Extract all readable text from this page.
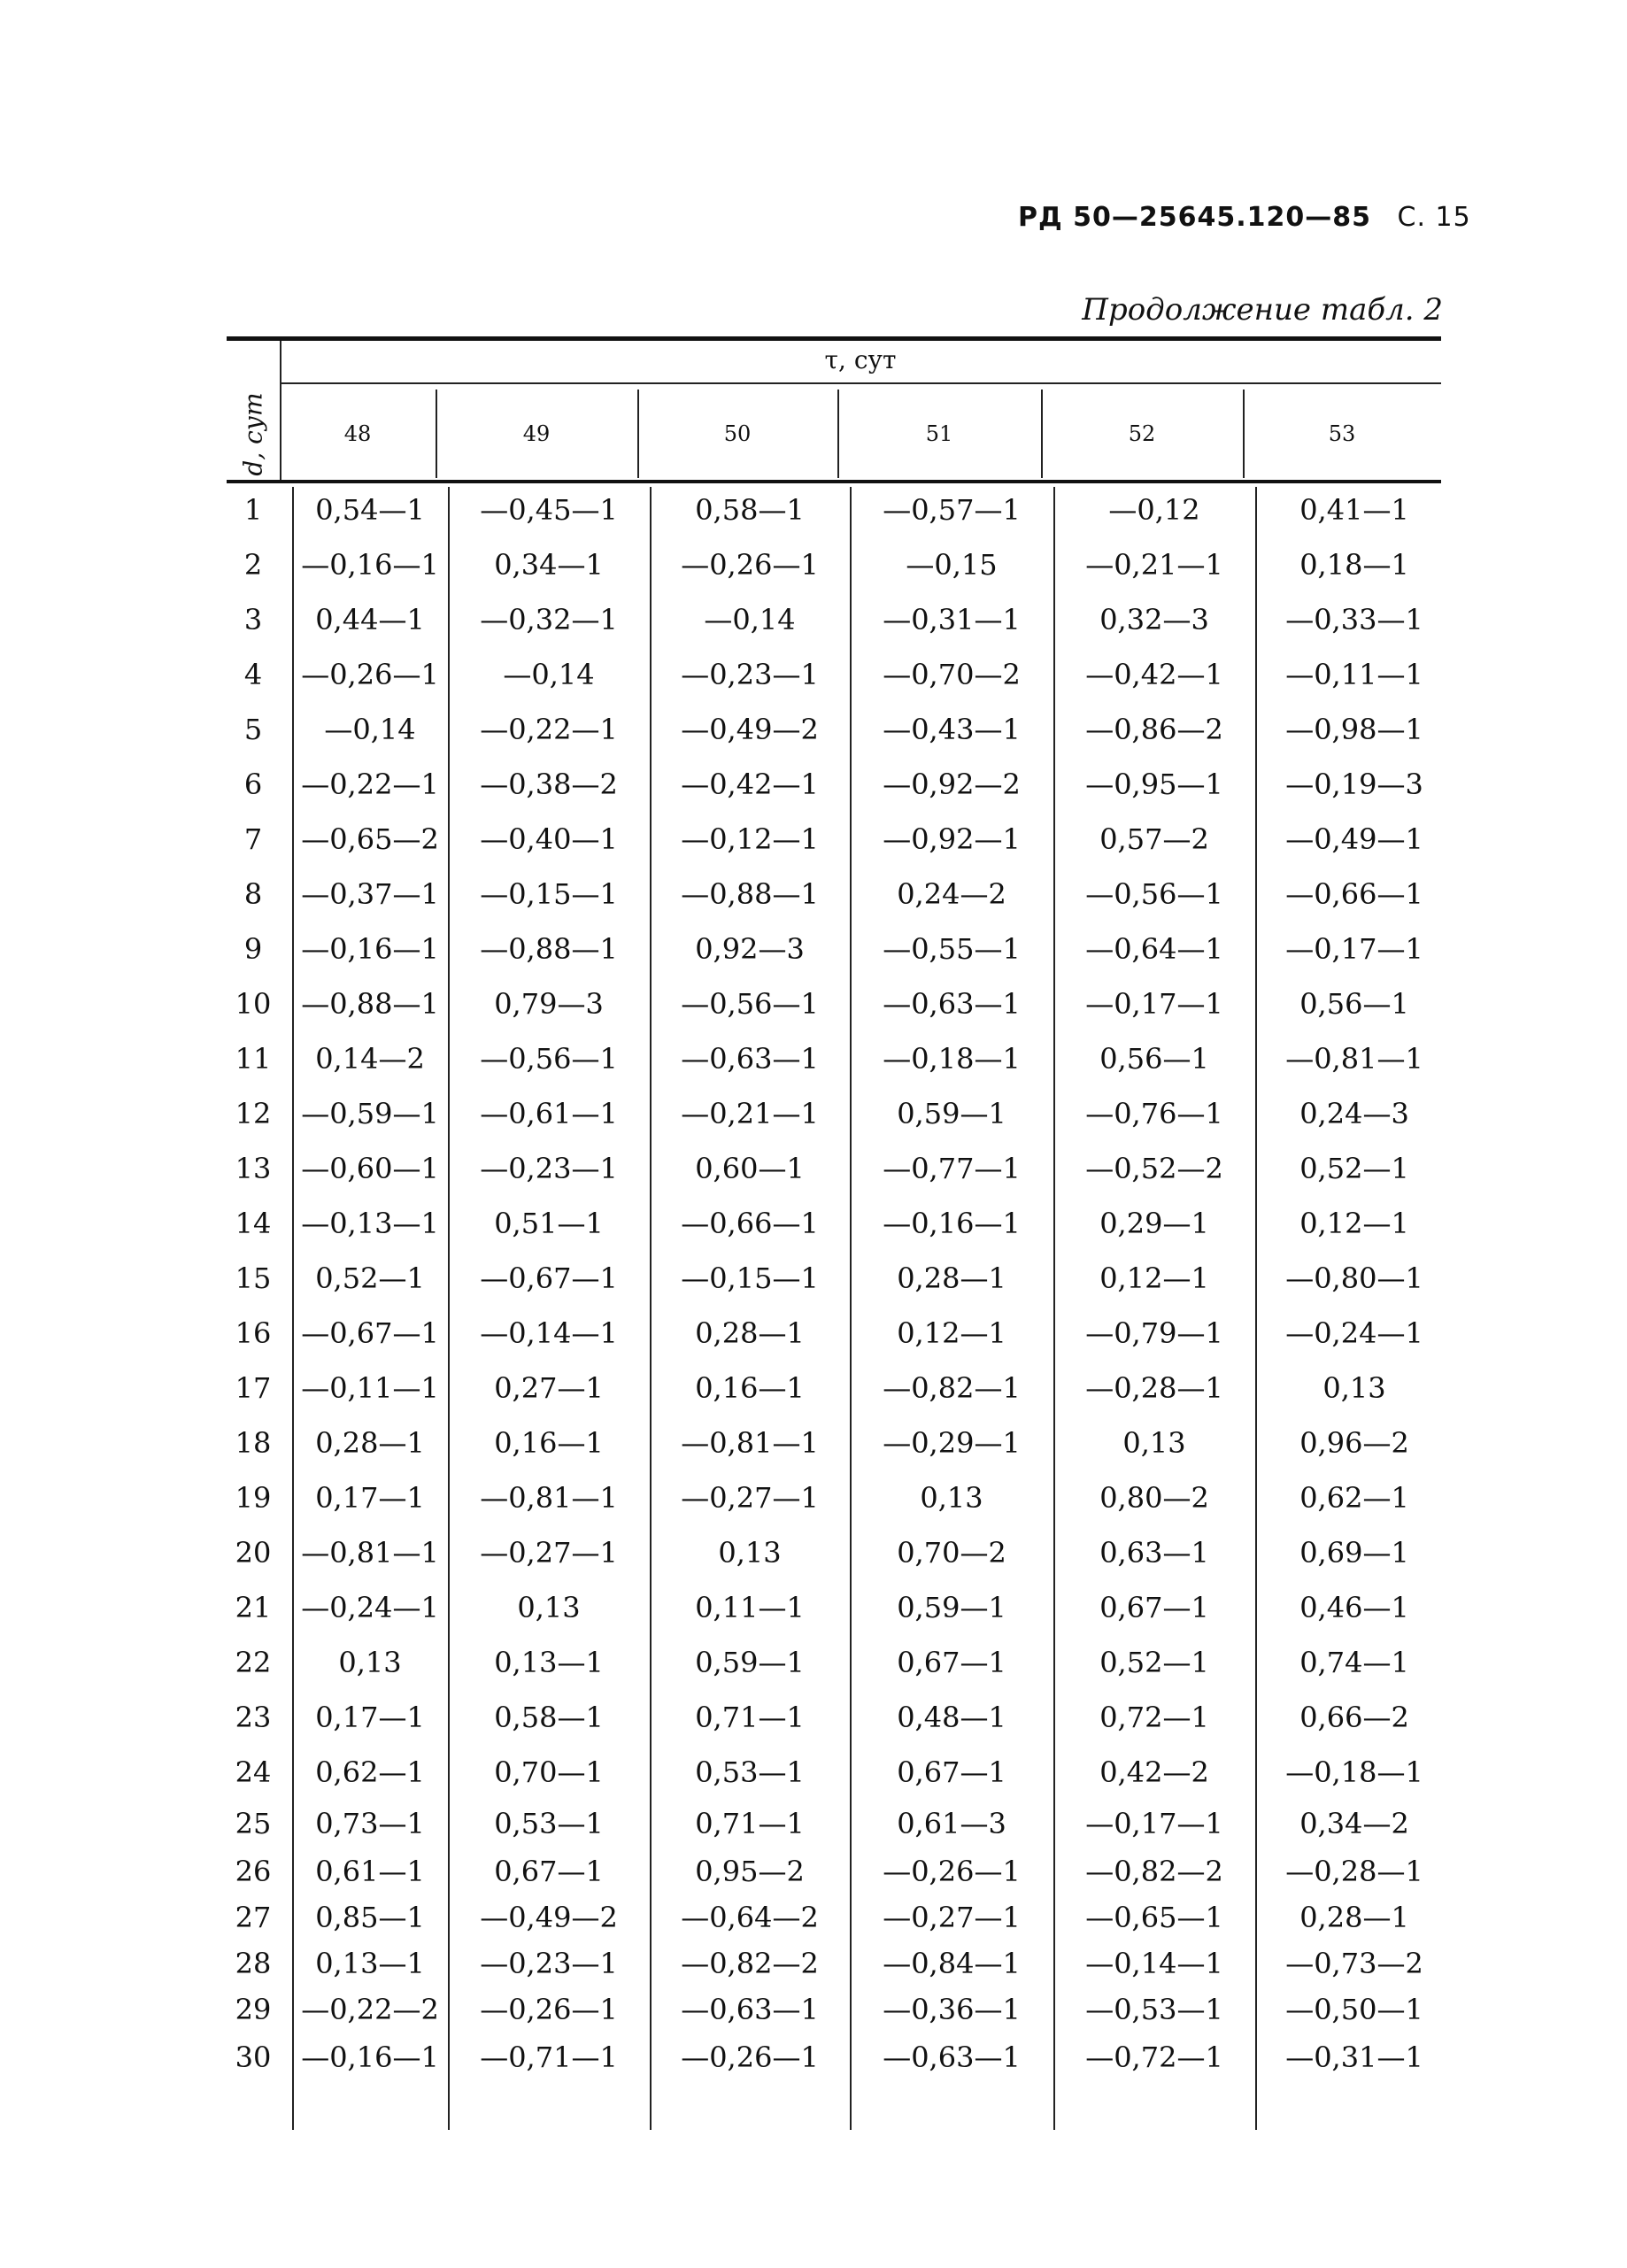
РД 50—25645.120—85 С. 15
Продолжение табл. 2
d, сут
τ, сут
48	49	50	51	52	53
1	0,54—1	—0,45—1	0,58—1	—0,57—1	—0,12	0,41—1
2	—0,16—1	0,34—1	—0,26—1	—0,15	—0,21—1	0,18—1
3	0,44—1	—0,32—1	—0,14	—0,31—1	0,32—3	—0,33—1
4	—0,26—1	—0,14	—0,23—1	—0,70—2	—0,42—1	—0,11—1
5	—0,14	—0,22—1	—0,49—2	—0,43—1	—0,86—2	—0,98—1
6	—0,22—1	—0,38—2	—0,42—1	—0,92—2	—0,95—1	—0,19—3
7	—0,65—2	—0,40—1	—0,12—1	—0,92—1	0,57—2	—0,49—1
8	—0,37—1	—0,15—1	—0,88—1	0,24—2	—0,56—1	—0,66—1
9	—0,16—1	—0,88—1	0,92—3	—0,55—1	—0,64—1	—0,17—1
10	—0,88—1	0,79—3	—0,56—1	—0,63—1	—0,17—1	0,56—1
11	0,14—2	—0,56—1	—0,63—1	—0,18—1	0,56—1	—0,81—1
12	—0,59—1	—0,61—1	—0,21—1	0,59—1	—0,76—1	0,24—3
13	—0,60—1	—0,23—1	0,60—1	—0,77—1	—0,52—2	0,52—1
14	—0,13—1	0,51—1	—0,66—1	—0,16—1	0,29—1	0,12—1
15	0,52—1	—0,67—1	—0,15—1	0,28—1	0,12—1	—0,80—1
16	—0,67—1	—0,14—1	0,28—1	0,12—1	—0,79—1	—0,24—1
17	—0,11—1	0,27—1	0,16—1	—0,82—1	—0,28—1	0,13
18	0,28—1	0,16—1	—0,81—1	—0,29—1	0,13	0,96—2
19	0,17—1	—0,81—1	—0,27—1	0,13	0,80—2	0,62—1
20	—0,81—1	—0,27—1	0,13	0,70—2	0,63—1	0,69—1
21	—0,24—1	0,13	0,11—1	0,59—1	0,67—1	0,46—1
22	0,13	0,13—1	0,59—1	0,67—1	0,52—1	0,74—1
23	0,17—1	0,58—1	0,71—1	0,48—1	0,72—1	0,66—2
24	0,62—1	0,70—1	0,53—1	0,67—1	0,42—2	—0,18—1
25	0,73—1	0,53—1	0,71—1	0,61—3	—0,17—1	0,34—2
26	0,61—1	0,67—1	0,95—2	—0,26—1	—0,82—2	—0,28—1
27	0,85—1	—0,49—2	—0,64—2	—0,27—1	—0,65—1	0,28—1
28	0,13—1	—0,23—1	—0,82—2	—0,84—1	—0,14—1	—0,73—2
29	—0,22—2	—0,26—1	—0,63—1	—0,36—1	—0,53—1	—0,50—1
30	—0,16—1	—0,71—1	—0,26—1	—0,63—1	—0,72—1	—0,31—1
